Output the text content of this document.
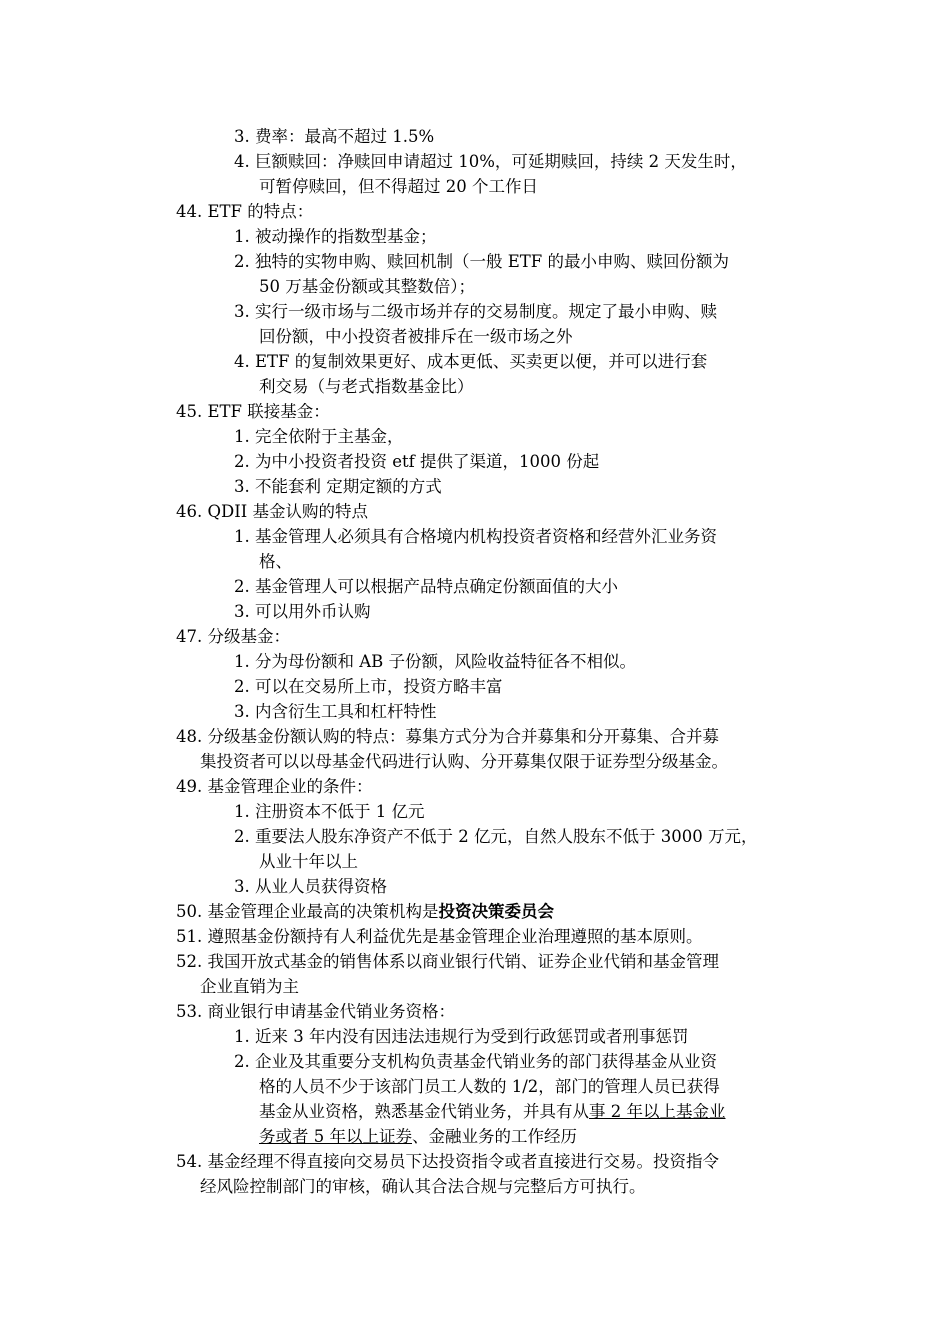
3. 费率：最高不超过 1.5%
4. 巨额赎回：净赎回申请超过 10%，可延期赎回，持续 2 天发生时，
可暂停赎回，但不得超过 20 个工作日
44. ETF 的特点：
1. 被动操作的指数型基金；
2. 独特的实物申购、赎回机制（一般 ETF 的最小申购、赎回份额为
50 万基金份额或其整数倍）；
3. 实行一级市场与二级市场并存的交易制度。规定了最小申购、赎
回份额，中小投资者被排斥在一级市场之外
4. ETF 的复制效果更好、成本更低、买卖更以便，并可以进行套
利交易（与老式指数基金比）
45. ETF 联接基金：
1. 完全依附于主基金，
2. 为中小投资者投资 etf 提供了渠道，1000 份起
3. 不能套利 定期定额的方式
46. QDII 基金认购的特点
1. 基金管理人必须具有合格境内机构投资者资格和经营外汇业务资
格、
2. 基金管理人可以根据产品特点确定份额面值的大小
3. 可以用外币认购
47. 分级基金：
1. 分为母份额和 AB 子份额，风险收益特征各不相似。
2. 可以在交易所上市，投资方略丰富
3. 内含衍生工具和杠杆特性
48. 分级基金份额认购的特点：募集方式分为合并募集和分开募集、合并募
集投资者可以以母基金代码进行认购、分开募集仅限于证券型分级基金。
49. 基金管理企业的条件：
1. 注册资本不低于 1 亿元
2. 重要法人股东净资产不低于 2 亿元，自然人股东不低于 3000 万元，
从业十年以上
3. 从业人员获得资格
50. 基金管理企业最高的决策机构是投资决策委员会
51. 遵照基金份额持有人利益优先是基金管理企业治理遵照的基本原则。
52. 我国开放式基金的销售体系以商业银行代销、证券企业代销和基金管理
企业直销为主
53. 商业银行申请基金代销业务资格：
1. 近来 3 年内没有因违法违规行为受到行政惩罚或者刑事惩罚
2. 企业及其重要分支机构负责基金代销业务的部门获得基金从业资
格的人员不少于该部门员工人数的 1/2，部门的管理人员已获得
基金从业资格，熟悉基金代销业务，并具有从事 2 年以上基金业
务或者 5 年以上证券、金融业务的工作经历
54. 基金经理不得直接向交易员下达投资指令或者直接进行交易。投资指令
经风险控制部门的审核，确认其合法合规与完整后方可执行。
